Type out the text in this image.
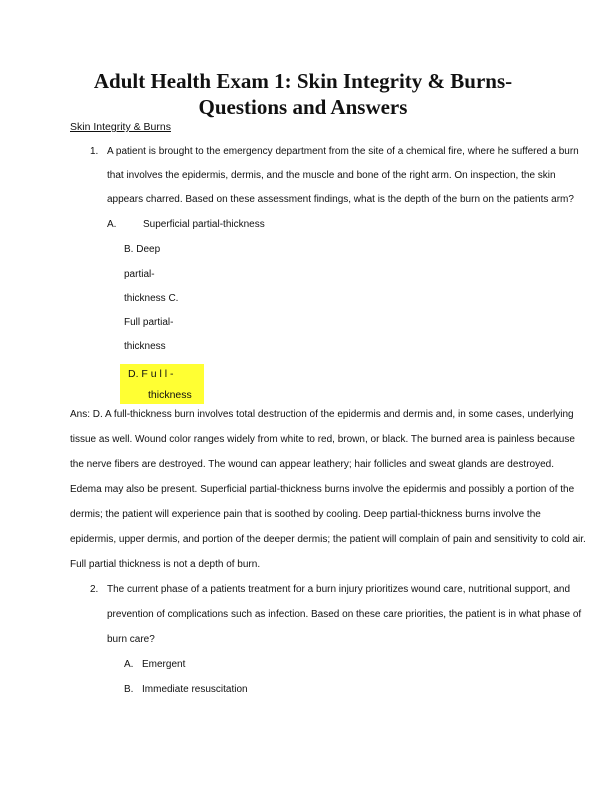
Adult Health Exam 1: Skin Integrity & Burns-
Questions and Answers

Skin Integrity & Burns

1. A patient is brought to the emergency department from the site of a chemical fire, where he suffered a burn

that involves the epidermis, dermis, and the muscle and bone of the right arm. On inspection, the skin

appears charred. Based on these assessment findings, what is the depth of the burn on the patients arm?

A.	Superficial partial-thickness

B. Deep

partial-

thickness C.

Full partial-

thickness

D. F u l l -
thickness

Ans: D. A full-thickness burn involves total destruction of the epidermis and dermis and, in some cases, underlying

tissue as well. Wound color ranges widely from white to red, brown, or black. The burned area is painless because

the nerve fibers are destroyed. The wound can appear leathery; hair follicles and sweat glands are destroyed.

Edema may also be present. Superficial partial-thickness burns involve the epidermis and possibly a portion of the

dermis; the patient will experience pain that is soothed by cooling. Deep partial-thickness burns involve the

epidermis, upper dermis, and portion of the deeper dermis; the patient will complain of pain and sensitivity to cold air.

Full partial thickness is not a depth of burn.

2. The current phase of a patients treatment for a burn injury prioritizes wound care, nutritional support, and

prevention of complications such as infection. Based on these care priorities, the patient is in what phase of

burn care?

A. Emergent
B. Immediate resuscitation
